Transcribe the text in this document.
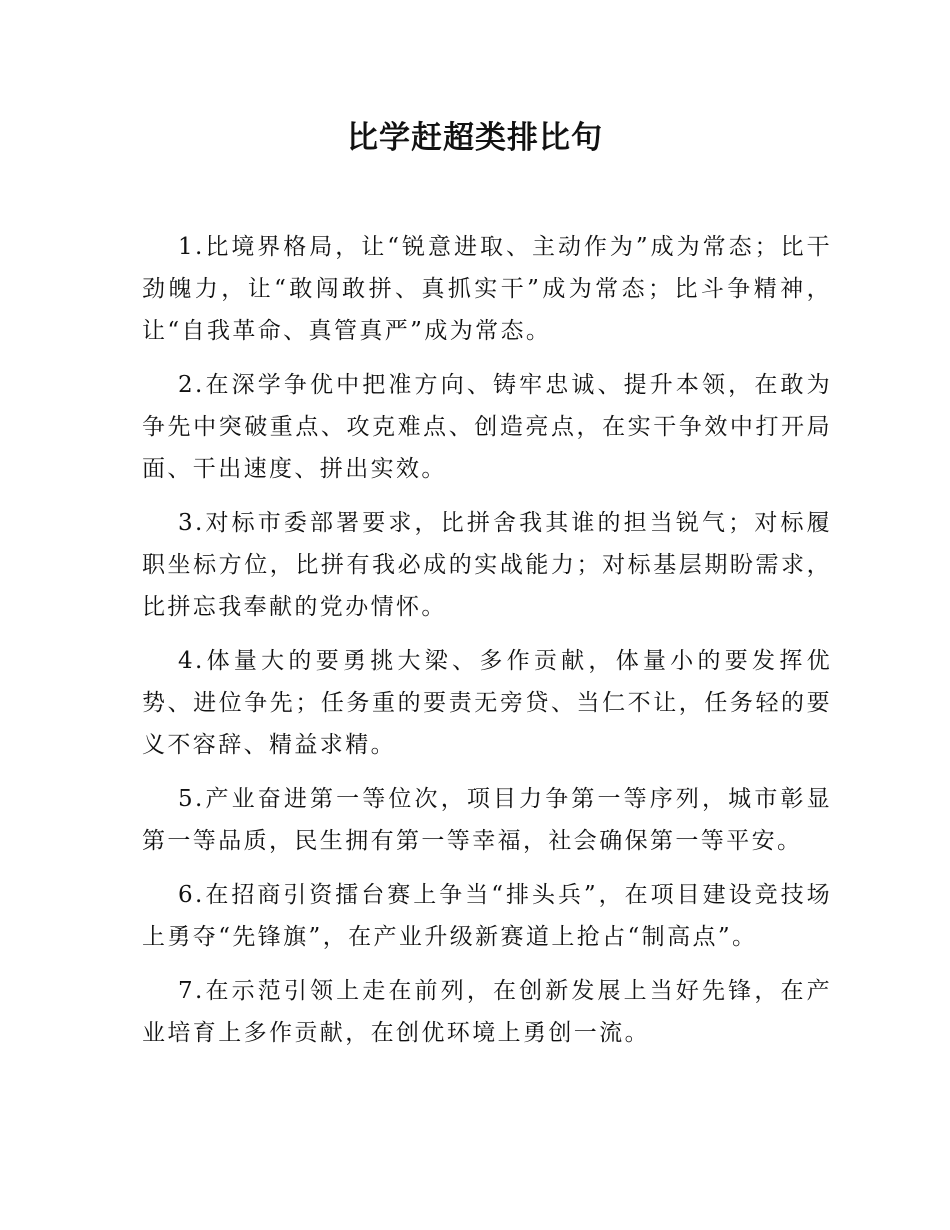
比学赶超类排比句

1.比境界格局，让“锐意进取、主动作为”成为常态；比干劲魄力，让“敢闯敢拼、真抓实干”成为常态；比斗争精神，让“自我革命、真管真严”成为常态。

2.在深学争优中把准方向、铸牢忠诚、提升本领，在敢为争先中突破重点、攻克难点、创造亮点，在实干争效中打开局面、干出速度、拼出实效。

3.对标市委部署要求，比拼舍我其谁的担当锐气；对标履职坐标方位，比拼有我必成的实战能力；对标基层期盼需求，比拼忘我奉献的党办情怀。

4.体量大的要勇挑大梁、多作贡献，体量小的要发挥优势、进位争先；任务重的要责无旁贷、当仁不让，任务轻的要义不容辞、精益求精。

5.产业奋进第一等位次，项目力争第一等序列，城市彰显第一等品质，民生拥有第一等幸福，社会确保第一等平安。

6.在招商引资擂台赛上争当“排头兵”，在项目建设竞技场上勇夺“先锋旗”，在产业升级新赛道上抢占“制高点”。

7.在示范引领上走在前列，在创新发展上当好先锋，在产业培育上多作贡献，在创优环境上勇创一流。
